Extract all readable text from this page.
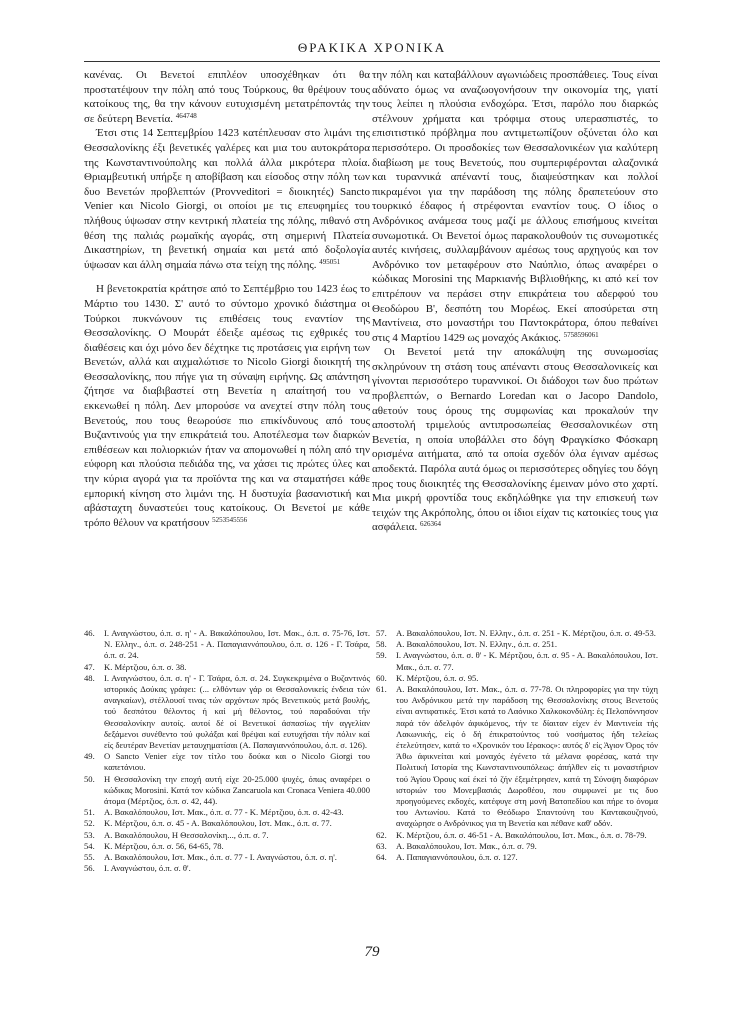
ΘΡΑΚΙΚΑ ΧΡΟΝΙΚΑ

κανένας. Οι Βενετοί επιπλέον υποσχέθηκαν ότι θα προστατέψουν την πόλη από τους Τούρκους, θα θρέψουν τους κατοίκους της, θα την κάνουν ευτυχισμένη μετατρέποντάς την σε δεύτερη Βενετία. $^{464748}$

Έτσι στις 14 Σεπτεμβρίου 1423 κατέπλευσαν στο λιμάνι της Θεσσαλονίκης έξι βενετικές γαλέρες και μια του αυτοκράτορα της Κωνσταντινούπολης και πολλά άλλα μικρότερα πλοία. Θριαμβευτική υπήρξε η αποβίβαση και είσοδος στην πόλη των δυο Βενετών προβλεπτών (Provveditori = διοικητές) Sancto Venier και Nicolo Giorgi, οι οποίοι με τις επευφημίες του πλήθους ύψωσαν στην κεντρική πλατεία της πόλης, πιθανό στη θέση της παλιάς ρωμαϊκής αγοράς, στη σημερινή Πλατεία Δικαστηρίων, τη βενετική σημαία και μετά από δοξολογία ύψωσαν και άλλη σημαία πάνω στα τείχη της πόλης. $^{495051}$

Η βενετοκρατία κράτησε από το Σεπτέμβριο του 1423 έως το Μάρτιο του 1430. Σ' αυτό το σύντομο χρονικό διάστημα οι Τούρκοι πυκνώνουν τις επιθέσεις τους εναντίον της Θεσσαλονίκης. Ο Μουράτ έδειξε αμέσως τις εχθρικές του διαθέσεις και όχι μόνο δεν δέχτηκε τις προτάσεις για ειρήνη των Βενετών, αλλά και αιχμαλώτισε το Nicolo Giorgi διοικητή της Θεσσαλονίκης, που πήγε για τη σύναψη ειρήνης. Ως απάντηση ζήτησε να διαβιβαστεί στη Βενετία η απαίτησή του να εκκενωθεί η πόλη. Δεν μπορούσε να ανεχτεί στην πόλη τους Βενετούς, που τους θεωρούσε πιο επικίνδυνους από τους Βυζαντινούς για την επικράτειά του. Αποτέλεσμα των διαρκών επιθέσεων και πολιορκιών ήταν να απομονωθεί η πόλη από την εύφορη και πλούσια πεδιάδα της, να χάσει τις πρώτες ύλες και την κύρια αγορά για τα προϊόντα της και να σταματήσει κάθε εμπορική κίνηση στο λιμάνι της. Η δυστυχία βασανιστική και αβάσταχτη δυναστεύει τους κατοίκους. Οι Βενετοί με κάθε τρόπο θέλουν να κρατήσουν $^{5253545556}$

την πόλη και καταβάλλουν αγωνιώδεις προσπάθειες. Τους είναι αδύνατο όμως να αναζωογονήσουν την οικονομία της, γιατί τους λείπει η πλούσια ενδοχώρα. Έτσι, παρόλο που διαρκώς στέλνουν χρήματα και τρόφιμα στους υπερασπιστές, το επισιτιστικό πρόβλημα που αντιμετωπίζουν οξύνεται όλο και περισσότερο. Οι προσδοκίες των Θεσσαλονικέων για καλύτερη διαβίωση με τους Βενετούς, που συμπεριφέρονται αλαζονικά και τυραννικά απέναντί τους, διαψεύστηκαν και πολλοί πικραμένοι για την παράδοση της πόλης δραπετεύουν στο τουρκικό έδαφος ή στρέφονται εναντίον τους. Ο ίδιος ο Ανδρόνικος ανάμεσα τους μαζί με άλλους επισήμους κινείται συνωμοτικά. Οι Βενετοί όμως παρακολουθούν τις συνωμοτικές αυτές κινήσεις, συλλαμβάνουν αμέσως τους αρχηγούς και τον Ανδρόνικο τον μεταφέρουν στο Ναύπλιο, όπως αναφέρει ο κώδικας Morosini της Μαρκιανής Βιβλιοθήκης, κι από κεί τον επιτρέπουν να περάσει στην επικράτεια του αδερφού του Θεοδώρου Β', δεσπότη του Μορέως. Εκεί αποσύρεται στη Μαντίνεια, στο μοναστήρι του Παντοκράτορα, όπου πεθαίνει στις 4 Μαρτίου 1429 ως μοναχός Ακάκιος. $^{5758596061}$

Οι Βενετοί μετά την αποκάλυψη της συνωμοσίας σκληρύνουν τη στάση τους απέναντι στους Θεσσαλονικείς και γίνονται περισσότερο τυραννικοί. Οι διάδοχοι των δυο πρώτων προβλεπτών, ο Bernardo Loredan και ο Jacopo Dandolo, αθετούν τους όρους της συμφωνίας και προκαλούν την αποστολή τριμελούς αντιπροσωπείας Θεσσαλονικέων στη Βενετία, η οποία υποβάλλει στο δόγη Φραγκίσκο Φόσκαρη ορισμένα αιτήματα, από τα οποία σχεδόν όλα έγιναν αμέσως αποδεκτά. Παρόλα αυτά όμως οι περισσότερες οδηγίες του δόγη προς τους διοικητές της Θεσσαλονίκης έμειναν μόνο στο χαρτί. Μια μικρή φροντίδα τους εκδηλώθηκε για την επισκευή των τειχών της Ακρόπολης, όπου οι ίδιοι είχαν τις κατοικίες τους για ασφάλεια. $^{626364}$

46.	Ι. Αναγνώστου, ό.π. σ. η' - Α. Βακαλόπουλου, Ιστ. Μακ., ό.π. σ. 75-76, Ιστ. Ν. Ελλην., ό.π. σ. 248-251 - Α. Παπαγιαννόπουλου, ό.π. σ. 126 - Γ. Τσάρα, ό.π. σ. 24.
47.	Κ. Μέρτζιου, ό.π. σ. 38.
48.	Ι. Αναγνώστου, ό.π. σ. η' - Γ. Τσάρα, ό.π. σ. 24. Συγκεκριμένα ο Βυζαντινός ιστορικός Δούκας γράφει: (... ελθόντων γάρ οι Θεσσαλονικείς ένδεια τών αναγκαίων), στέλλουσί τινας τών αρχόντων πρός Βενετικούς μετά βουλής, τού δεσπότου θέλοντος ή καί μή θέλοντος, τού παραδούναι τήν Θεσσαλονίκην αυτοίς. αυτοί δέ οί Βενετικοί άσπασίως τήν αγγελίαν δεξάμενοι συνέθεντο τού φυλάξαι καί θρέψαι καί ευτυχήσαι τήν πόλιν καί είς δευτέραν Βενετίαν μεταυχηματίσαι (Α. Παπαγιαννόπουλου, ό.π. σ. 126).
49.	Ο Sancto Venier είχε τον τίτλο του δούκα και ο Nicolo Giorgi του καπετάνιου.
50.	Η Θεσσαλονίκη την εποχή αυτή είχε 20-25.000 ψυχές, όπως αναφέρει ο κώδικας Morosini. Κατά τον κώδικα Zancaruola και Cronaca Veniera 40.000 άτομα (Μέρτζιος, ό.π. σ. 42, 44).
51.	Α. Βακαλόπουλου, Ιστ. Μακ., ό.π. σ. 77 - Κ. Μέρτζιου, ό.π. σ. 42-43.
52.	Κ. Μέρτζιου, ό.π. σ. 45 - Α. Βακαλόπουλου, Ιστ. Μακ., ό.π. σ. 77.
53.	Α. Βακαλόπουλου, Η Θεσσαλονίκη..., ό.π. σ. 7.
54.	Κ. Μέρτζιου, ό.π. σ. 56, 64-65, 78.
55.	Α. Βακαλόπουλου, Ιστ. Μακ., ό.π. σ. 77 - Ι. Αναγνώστου, ό.π. σ. η'.
56.	Ι. Αναγνώστου, ό.π. σ. θ'.
57.	Α. Βακαλόπουλου, Ιστ. Ν. Ελλην., ό.π. σ. 251 - Κ. Μέρτζιου, ό.π. σ. 49-53.
58.	Α. Βακαλόπουλου, Ιστ. Ν. Ελλην., ό.π. σ. 251.
59.	Ι. Αναγνώστου, ό.π. σ. θ' - Κ. Μέρτζιου, ό.π. σ. 95 - Α. Βακαλόπουλου, Ιστ. Μακ., ό.π. σ. 77.
60.	Κ. Μέρτζιου, ό.π. σ. 95.
61.	Α. Βακαλόπουλου, Ιστ. Μακ., ό.π. σ. 77-78. Οι πληροφορίες για την τύχη του Ανδρόνικου μετά την παράδοση της Θεσσαλονίκης στους Βενετούς είναι αντιφατικές. Έτσι κατά το Λαόνικο Χαλκοκονδύλη: ές Πελοπόννησον παρά τόν άδελφόν άφικόμενος, τήν τε δίαιταν είχεν έν Μαντινεία τής Λακωνικής, είς ό δή έπικρατούντος τού νοσήματος ήδη τελείως έτελεύτησεν, κατά το «Χρονικόν του Ιέρακος»: αυτός δ' είς Άγιον Όρος τόν Άθω άφικνείται καί μοναχός έγένετο τά μέλανα φορέσας, κατά την Πολιτική Ιστορία της Κωνσταντινουπόλεως: άπήλθεν είς τι μοναστήριον τού Άγίου Όρους καί έκεί τό ζήν έξεμέτρησεν, κατά τη Σύνοψη διαφόρων ιστοριών του Μονεμβασιάς Δωροθέου, που συμφωνεί με τις δυο προηγούμενες εκδοχές, κατέφυγε στη μονή Βατοπεδίου και πήρε το όνομα του Αντωνίου. Κατά το Θεόδωρο Σπαντούνη του Καντακουζηνού, αναχώρησε ο Ανδρόνικος για τη Βενετία και πέθανε καθ' οδόν.
62.	Κ. Μέρτζιου, ό.π. σ. 46-51 - Α. Βακαλόπουλου, Ιστ. Μακ., ό.π. σ. 78-79.
63.	Α. Βακαλόπουλου, Ιστ. Μακ., ό.π. σ. 79.
64.	Α. Παπαγιαννόπουλου, ό.π. σ. 127.
79
